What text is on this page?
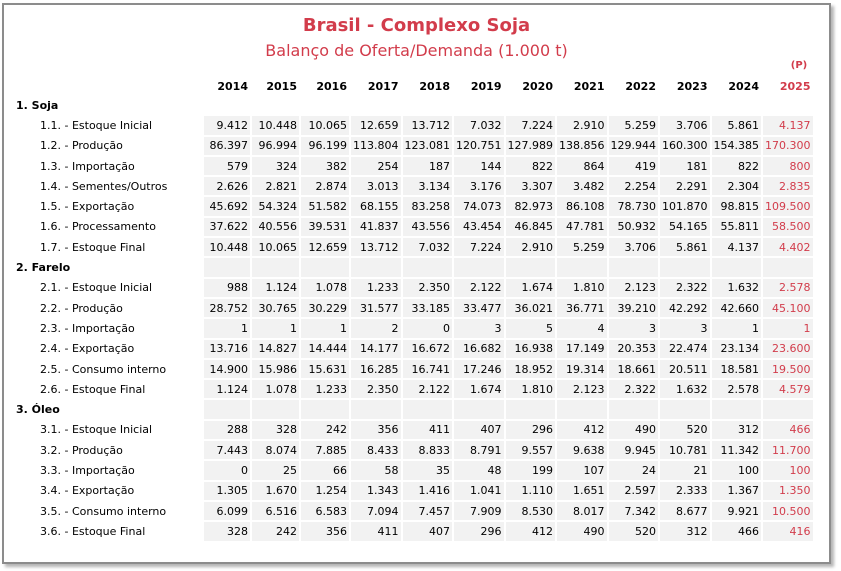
Brasil - Complexo Soja
Balanço de Oferta/Demanda (1.000 t)
(P)
	2014	2015	2016	2017	2018	2019	2020	2021	2022	2023	2024	2025
1. Soja												
1.1. - Estoque Inicial	9.412	10.448	10.065	12.659	13.712	7.032	7.224	2.910	5.259	3.706	5.861	4.137
1.2. - Produção	86.397	96.994	96.199	113.804	123.081	120.751	127.989	138.856	129.944	160.300	154.385	170.300
1.3. - Importação	579	324	382	254	187	144	822	864	419	181	822	800
1.4. - Sementes/Outros	2.626	2.821	2.874	3.013	3.134	3.176	3.307	3.482	2.254	2.291	2.304	2.835
1.5. - Exportação	45.692	54.324	51.582	68.155	83.258	74.073	82.973	86.108	78.730	101.870	98.815	109.500
1.6. - Processamento	37.622	40.556	39.531	41.837	43.556	43.454	46.845	47.781	50.932	54.165	55.811	58.500
1.7. - Estoque Final	10.448	10.065	12.659	13.712	7.032	7.224	2.910	5.259	3.706	5.861	4.137	4.402
2. Farelo												
2.1. - Estoque Inicial	988	1.124	1.078	1.233	2.350	2.122	1.674	1.810	2.123	2.322	1.632	2.578
2.2. - Produção	28.752	30.765	30.229	31.577	33.185	33.477	36.021	36.771	39.210	42.292	42.660	45.100
2.3. - Importação	1	1	1	2	0	3	5	4	3	3	1	1
2.4. - Exportação	13.716	14.827	14.444	14.177	16.672	16.682	16.938	17.149	20.353	22.474	23.134	23.600
2.5. - Consumo interno	14.900	15.986	15.631	16.285	16.741	17.246	18.952	19.314	18.661	20.511	18.581	19.500
2.6. - Estoque Final	1.124	1.078	1.233	2.350	2.122	1.674	1.810	2.123	2.322	1.632	2.578	4.579
3. Óleo												
3.1. - Estoque Inicial	288	328	242	356	411	407	296	412	490	520	312	466
3.2. - Produção	7.443	8.074	7.885	8.433	8.833	8.791	9.557	9.638	9.945	10.781	11.342	11.700
3.3. - Importação	0	25	66	58	35	48	199	107	24	21	100	100
3.4. - Exportação	1.305	1.670	1.254	1.343	1.416	1.041	1.110	1.651	2.597	2.333	1.367	1.350
3.5. - Consumo interno	6.099	6.516	6.583	7.094	7.457	7.909	8.530	8.017	7.342	8.677	9.921	10.500
3.6. - Estoque Final	328	242	356	411	407	296	412	490	520	312	466	416
